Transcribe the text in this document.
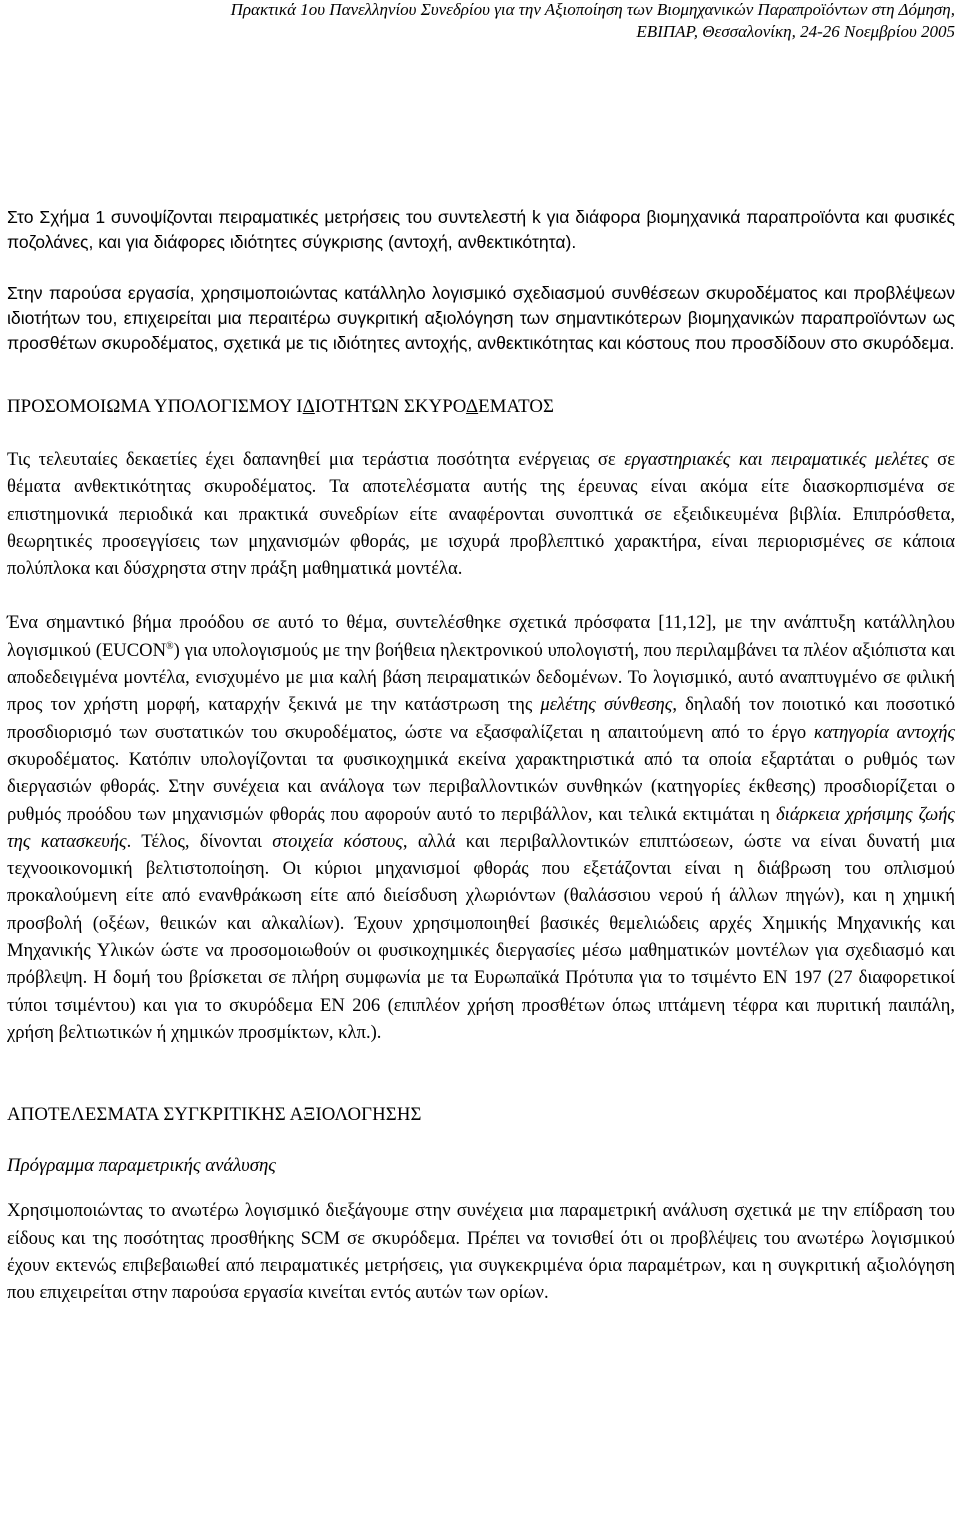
Πρακτικά 1ου Πανελληνίου Συνεδρίου για την Αξιοποίηση των Βιομηχανικών Παραπροϊόντων στη Δόμηση,
ΕΒΙΠΑΡ, Θεσσαλονίκη, 24-26 Νοεμβρίου 2005

Στο Σχήμα 1 συνοψίζονται πειραματικές μετρήσεις του συντελεστή k για διάφορα βιομηχανικά παραπροϊόντα και φυσικές ποζολάνες, και για διάφορες ιδιότητες σύγκρισης (αντοχή, ανθεκτικότητα).

Στην παρούσα εργασία, χρησιμοποιώντας κατάλληλο λογισμικό σχεδιασμού συνθέσεων σκυροδέματος και προβλέψεων ιδιοτήτων του, επιχειρείται μια περαιτέρω συγκριτική αξιολόγηση των σημαντικότερων βιομηχανικών παραπροϊόντων ως προσθέτων σκυροδέματος, σχετικά με τις ιδιότητες αντοχής, ανθεκτικότητας και κόστους που προσδίδουν στο σκυρόδεμα.

ΠΡΟΣΟΜΟΙΩΜΑ ΥΠΟΛΟΓΙΣΜΟΥ ΙΔΙΟΤΗΤΩΝ ΣΚΥΡΟΔΕΜΑΤΟΣ

Τις τελευταίες δεκαετίες έχει δαπανηθεί μια τεράστια ποσότητα ενέργειας σε εργαστηριακές και πειραματικές μελέτες σε θέματα ανθεκτικότητας σκυροδέματος. Τα αποτελέσματα αυτής της έρευνας είναι ακόμα είτε διασκορπισμένα σε επιστημονικά περιοδικά και πρακτικά συνεδρίων είτε αναφέρονται συνοπτικά σε εξειδικευμένα βιβλία. Επιπρόσθετα, θεωρητικές προσεγγίσεις των μηχανισμών φθοράς, με ισχυρά προβλεπτικό χαρακτήρα, είναι περιορισμένες σε κάποια πολύπλοκα και δύσχρηστα στην πράξη μαθηματικά μοντέλα.

Ένα σημαντικό βήμα προόδου σε αυτό το θέμα, συντελέσθηκε σχετικά πρόσφατα [11,12], με την ανάπτυξη κατάλληλου λογισμικού (EUCON®) για υπολογισμούς με την βοήθεια ηλεκτρονικού υπολογιστή, που περιλαμβάνει τα πλέον αξιόπιστα και αποδεδειγμένα μοντέλα, ενισχυμένο με μια καλή βάση πειραματικών δεδομένων. Το λογισμικό, αυτό αναπτυγμένο σε φιλική προς τον χρήστη μορφή, καταρχήν ξεκινά με την κατάστρωση της μελέτης σύνθεσης, δηλαδή τον ποιοτικό και ποσοτικό προσδιορισμό των συστατικών του σκυροδέματος, ώστε να εξασφαλίζεται η απαιτούμενη από το έργο κατηγορία αντοχής σκυροδέματος. Κατόπιν υπολογίζονται τα φυσικοχημικά εκείνα χαρακτηριστικά από τα οποία εξαρτάται ο ρυθμός των διεργασιών φθοράς. Στην συνέχεια και ανάλογα των περιβαλλοντικών συνθηκών (κατηγορίες έκθεσης) προσδιορίζεται ο ρυθμός προόδου των μηχανισμών φθοράς που αφορούν αυτό το περιβάλλον, και τελικά εκτιμάται η διάρκεια χρήσιμης ζωής της κατασκευής. Τέλος, δίνονται στοιχεία κόστους, αλλά και περιβαλλοντικών επιπτώσεων, ώστε να είναι δυνατή μια τεχνοοικονομική βελτιστοποίηση. Οι κύριοι μηχανισμοί φθοράς που εξετάζονται είναι η διάβρωση του οπλισμού προκαλούμενη είτε από ενανθράκωση είτε από διείσδυση χλωριόντων (θαλάσσιου νερού ή άλλων πηγών), και η χημική προσβολή (οξέων, θειικών και αλκαλίων). Έχουν χρησιμοποιηθεί βασικές θεμελιώδεις αρχές Χημικής Μηχανικής και Μηχανικής Υλικών ώστε να προσομοιωθούν οι φυσικοχημικές διεργασίες μέσω μαθηματικών μοντέλων για σχεδιασμό και πρόβλεψη. Η δομή του βρίσκεται σε πλήρη συμφωνία με τα Ευρωπαϊκά Πρότυπα για το τσιμέντο EN 197 (27 διαφορετικοί τύποι τσιμέντου) και για το σκυρόδεμα EN 206 (επιπλέον χρήση προσθέτων όπως ιπτάμενη τέφρα και πυριτική παιπάλη, χρήση βελτιωτικών ή χημικών προσμίκτων, κλπ.).

ΑΠΟΤΕΛΕΣΜΑΤΑ ΣΥΓΚΡΙΤΙΚΗΣ ΑΞΙΟΛΟΓΗΣΗΣ

Πρόγραμμα παραμετρικής ανάλυσης

Χρησιμοποιώντας το ανωτέρω λογισμικό διεξάγουμε στην συνέχεια μια παραμετρική ανάλυση σχετικά με την επίδραση του είδους και της ποσότητας προσθήκης SCM σε σκυρόδεμα. Πρέπει να τονισθεί ότι οι προβλέψεις του ανωτέρω λογισμικού έχουν εκτενώς επιβεβαιωθεί από πειραματικές μετρήσεις, για συγκεκριμένα όρια παραμέτρων, και η συγκριτική αξιολόγηση που επιχειρείται στην παρούσα εργασία κινείται εντός αυτών των ορίων.
